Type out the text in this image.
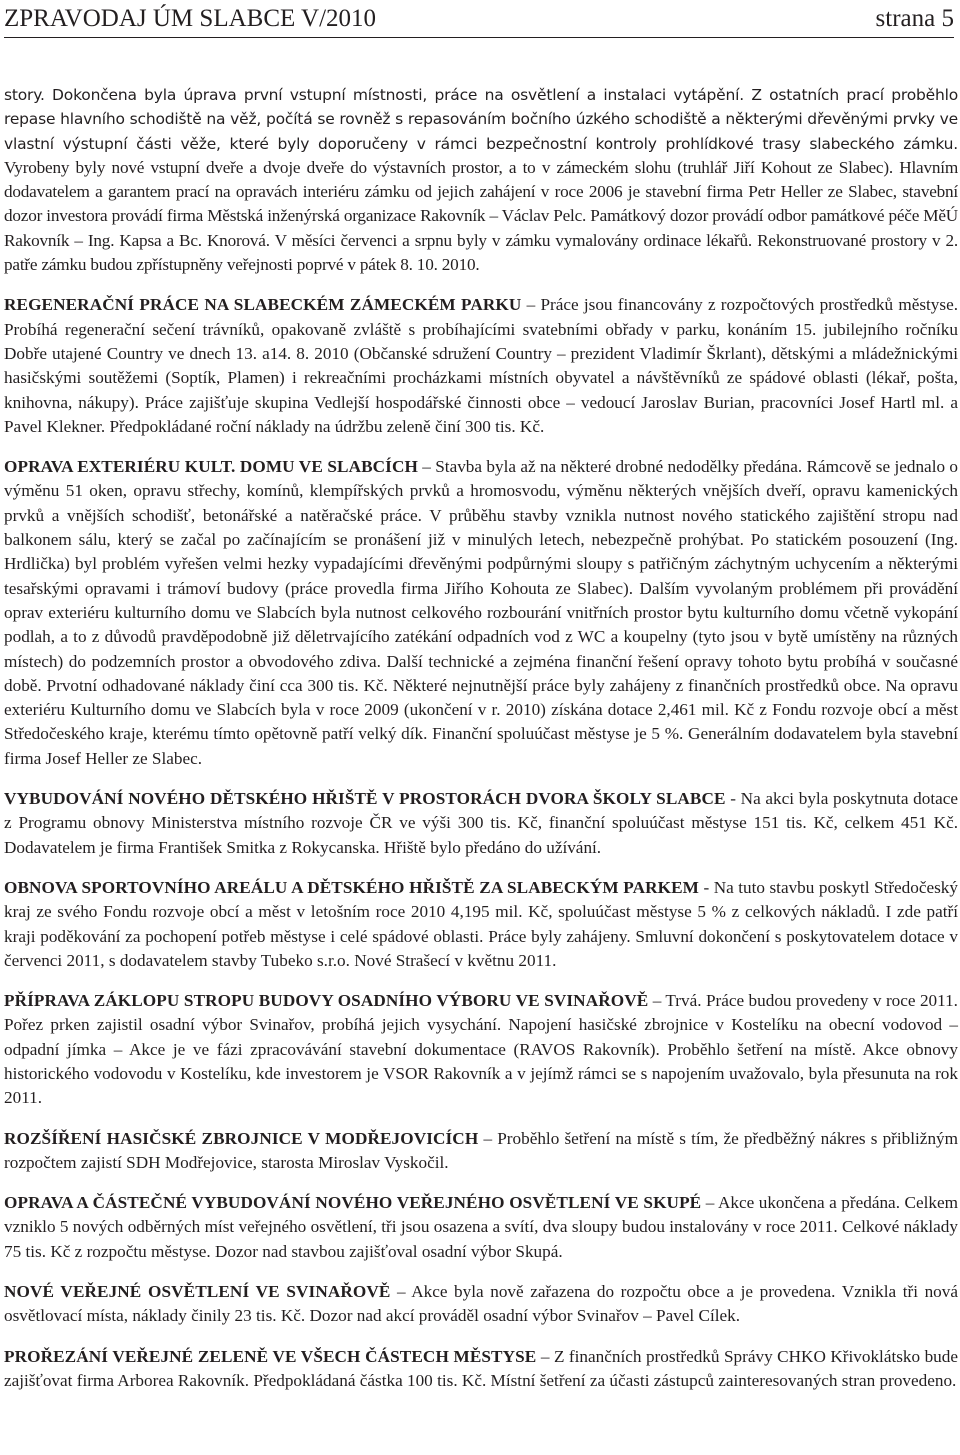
ZPRAVODAJ ÚM SLABCE V/2010	strana 5

story. Dokončena byla úprava první vstupní místnosti, práce na osvětlení a instalaci vytápění. Z ostatních prací proběhlo repase hlavního schodiště na věž, počítá se rovněž s repasováním bočního úzkého schodiště a některými dřevěnými prvky ve vlastní výstupní části věže, které byly doporučeny v rámci bezpečnostní kontroly prohlídkové trasy slabeckého zámku. Vyrobeny byly nové vstupní dveře a dvoje dveře do výstavních prostor, a to v zámeckém slohu (truhlář Jiří Kohout ze Slabec). Hlavním dodavatelem a garantem prací na opravách interiéru zámku od jejich zahájení v roce 2006 je stavební firma Petr Heller ze Slabec, stavební dozor investora provádí firma Městská inženýrská organizace Rakovník – Václav Pelc. Památkový dozor provádí odbor památkové péče MěÚ Rakovník – Ing. Kapsa a Bc. Knorová. V měsíci červenci a srpnu byly v zámku vymalovány ordinace lékařů. Rekonstruované prostory v 2. patře zámku budou zpřístupněny veřejnosti poprvé v pátek 8. 10. 2010.

REGENERAČNÍ PRÁCE NA SLABECKÉM ZÁMECKÉM PARKU – Práce jsou financovány z rozpočtových prostředků městyse. Probíhá regenerační sečení trávníků, opakovaně zvláště s probíhajícími svatebními obřady v parku, konáním 15. jubilejního ročníku Dobře utajené Country ve dnech 13. a14. 8. 2010 (Občanské sdružení Country – prezident Vladimír Škrlant), dětskými a mládežnickými hasičskými soutěžemi (Soptík, Plamen) i rekreačními procházkami místních obyvatel a návštěvníků ze spádové oblasti (lékař, pošta, knihovna, nákupy). Práce zajišťuje skupina Vedlejší hospodářské činnosti obce – vedoucí Jaroslav Burian, pracovníci Josef Hartl ml. a Pavel Klekner. Předpokládané roční náklady na údržbu zeleně činí 300 tis. Kč.

OPRAVA EXTERIÉRU KULT. DOMU VE SLABCÍCH – Stavba byla až na některé drobné nedodělky předána. Rámcově se jednalo o výměnu 51 oken, opravu střechy, komínů, klempířských prvků a hromosvodu, výměnu některých vnějších dveří, opravu kamenických prvků a vnějších schodišť, betonářské a natěračské práce. V průběhu stavby vznikla nutnost nového statického zajištění stropu nad balkonem sálu, který se začal po začínajícím se pronášení již v minulých letech, nebezpečně prohýbat. Po statickém posouzení (Ing. Hrdlička) byl problém vyřešen velmi hezky vypadajícími dřevěnými podpůrnými sloupy s patřičným záchytným uchycením a některými tesařskými opravami i trámoví budovy (práce provedla firma Jiřího Kohouta ze Slabec). Dalším vyvolaným problémem při provádění oprav exteriéru kulturního domu ve Slabcích byla nutnost celkového rozbourání vnitřních prostor bytu kulturního domu včetně vykopání podlah, a to z důvodů pravděpodobně již děletrvajícího zatékání odpadních vod z WC a koupelny (tyto jsou v bytě umístěny na různých místech) do podzemních prostor a obvodového zdiva. Další technické a zejména finanční řešení opravy tohoto bytu probíhá v současné době. Prvotní odhadované náklady činí cca 300 tis. Kč. Některé nejnutnější práce byly zahájeny z finančních prostředků obce. Na opravu exteriéru Kulturního domu ve Slabcích byla v roce 2009 (ukončení v r. 2010) získána dotace 2,461 mil. Kč z Fondu rozvoje obcí a měst Středočeského kraje, kterému tímto opětovně patří velký dík. Finanční spoluúčast městyse je 5 %. Generálním dodavatelem byla stavební firma Josef Heller ze Slabec.

VYBUDOVÁNÍ NOVÉHO DĚTSKÉHO HŘIŠTĚ V PROSTORÁCH DVORA ŠKOLY SLABCE - Na akci byla poskytnuta dotace z Programu obnovy Ministerstva místního rozvoje ČR ve výši 300 tis. Kč, finanční spoluúčast městyse 151 tis. Kč, celkem 451 Kč. Dodavatelem je firma František Smitka z Rokycanska. Hřiště bylo předáno do užívání.

OBNOVA SPORTOVNÍHO AREÁLU A DĚTSKÉHO HŘIŠTĚ ZA SLABECKÝM PARKEM - Na tuto stavbu poskytl Středočeský kraj ze svého Fondu rozvoje obcí a měst v letošním roce 2010 4,195 mil. Kč, spoluúčast městyse 5 % z celkových nákladů. I zde patří kraji poděkování za pochopení potřeb městyse i celé spádové oblasti. Práce byly zahájeny. Smluvní dokončení s poskytovatelem dotace v červenci 2011, s dodavatelem stavby Tubeko s.r.o. Nové Strašecí v květnu 2011.

PŘÍPRAVA ZÁKLOPU STROPU BUDOVY OSADNÍHO VÝBORU VE SVINAŘOVĚ – Trvá. Práce budou provedeny v roce 2011. Pořez prken zajistil osadní výbor Svinařov, probíhá jejich vysychání. Napojení hasičské zbrojnice v Kostelíku na obecní vodovod – odpadní jímka – Akce je ve fázi zpracovávání stavební dokumentace (RAVOS Rakovník). Proběhlo šetření na místě. Akce obnovy historického vodovodu v Kostelíku, kde investorem je VSOR Rakovník a v jejímž rámci se s napojením uvažovalo, byla přesunuta na rok 2011.

ROZŠÍŘENÍ HASIČSKÉ ZBROJNICE V MODŘEJOVICÍCH – Proběhlo šetření na místě s tím, že předběžný nákres s přibližným rozpočtem zajistí SDH Modřejovice, starosta Miroslav Vyskočil.

OPRAVA A ČÁSTEČNÉ VYBUDOVÁNÍ NOVÉHO VEŘEJNÉHO OSVĚTLENÍ VE SKUPÉ – Akce ukončena a předána. Celkem vzniklo 5 nových odběrných míst veřejného osvětlení, tři jsou osazena a svítí, dva sloupy budou instalovány v roce 2011. Celkové náklady 75 tis. Kč z rozpočtu městyse. Dozor nad stavbou zajišťoval osadní výbor Skupá.

NOVÉ VEŘEJNÉ OSVĚTLENÍ VE SVINAŘOVĚ – Akce byla nově zařazena do rozpočtu obce a je provedena. Vznikla tři nová osvětlovací místa, náklady činily 23 tis. Kč. Dozor nad akcí prováděl osadní výbor Svinařov – Pavel Cílek.

PROŘEZÁNÍ VEŘEJNÉ ZELENĚ VE VŠECH ČÁSTECH MĚSTYSE – Z finančních prostředků Správy CHKO Křivoklátsko bude zajišťovat firma Arborea Rakovník. Předpokládaná částka 100 tis. Kč. Místní šetření za účasti zástupců zainteresovaných stran provedeno.
